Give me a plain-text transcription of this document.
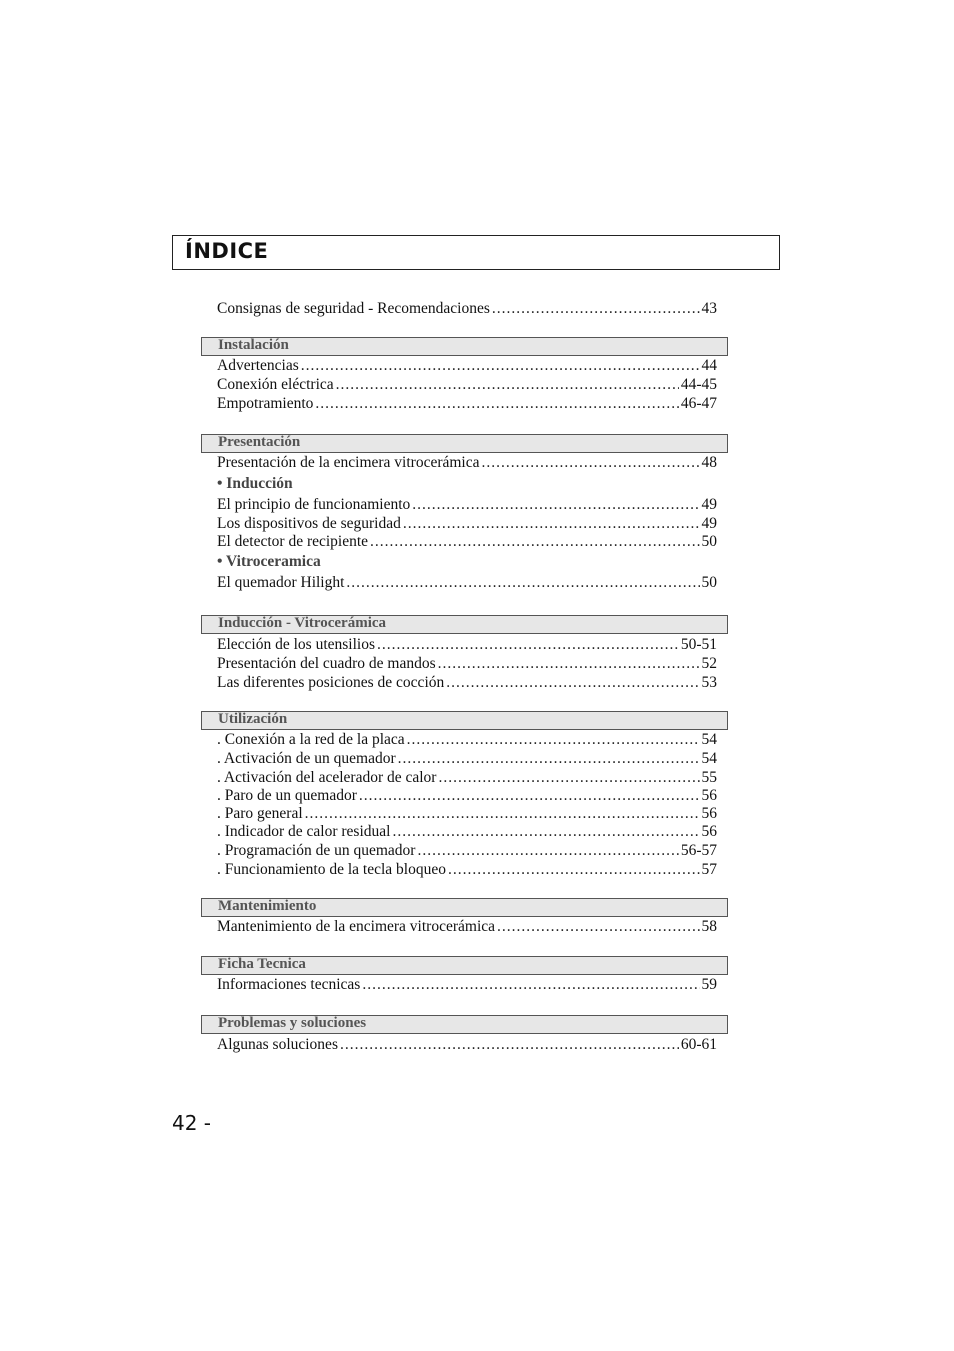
ÍNDICE
Consignas de seguridad - Recomendaciones .....	43
Instalación
Advertencias .....	44
Conexión eléctrica .....	44-45
Empotramiento .....	46-47
Presentación
Presentación de la encimera vitrocerámica .....	48
• Inducción
El principio de funcionamiento .....	49
Los dispositivos de seguridad .....	49
El detector de recipiente .....	50
• Vitroceramica
El quemador Hilight .....	50
Inducción - Vitrocerámica
Elección de los utensilios .....	50-51
Presentación del cuadro de mandos .....	52
Las diferentes posiciones de cocción .....	53
Utilización
. Conexión a la red de la placa .....	54
. Activación de un quemador .....	54
. Activación del acelerador de calor .....	55
. Paro de un quemador .....	56
. Paro general .....	56
. Indicador de calor residual .....	56
. Programación de un quemador .....	56-57
. Funcionamiento de la tecla bloqueo .....	57
Mantenimiento
Mantenimiento de la encimera vitrocerámica .....	58
Ficha Tecnica
Informaciones tecnicas .....	59
Problemas y soluciones
Algunas soluciones .....	60-61
42 -
